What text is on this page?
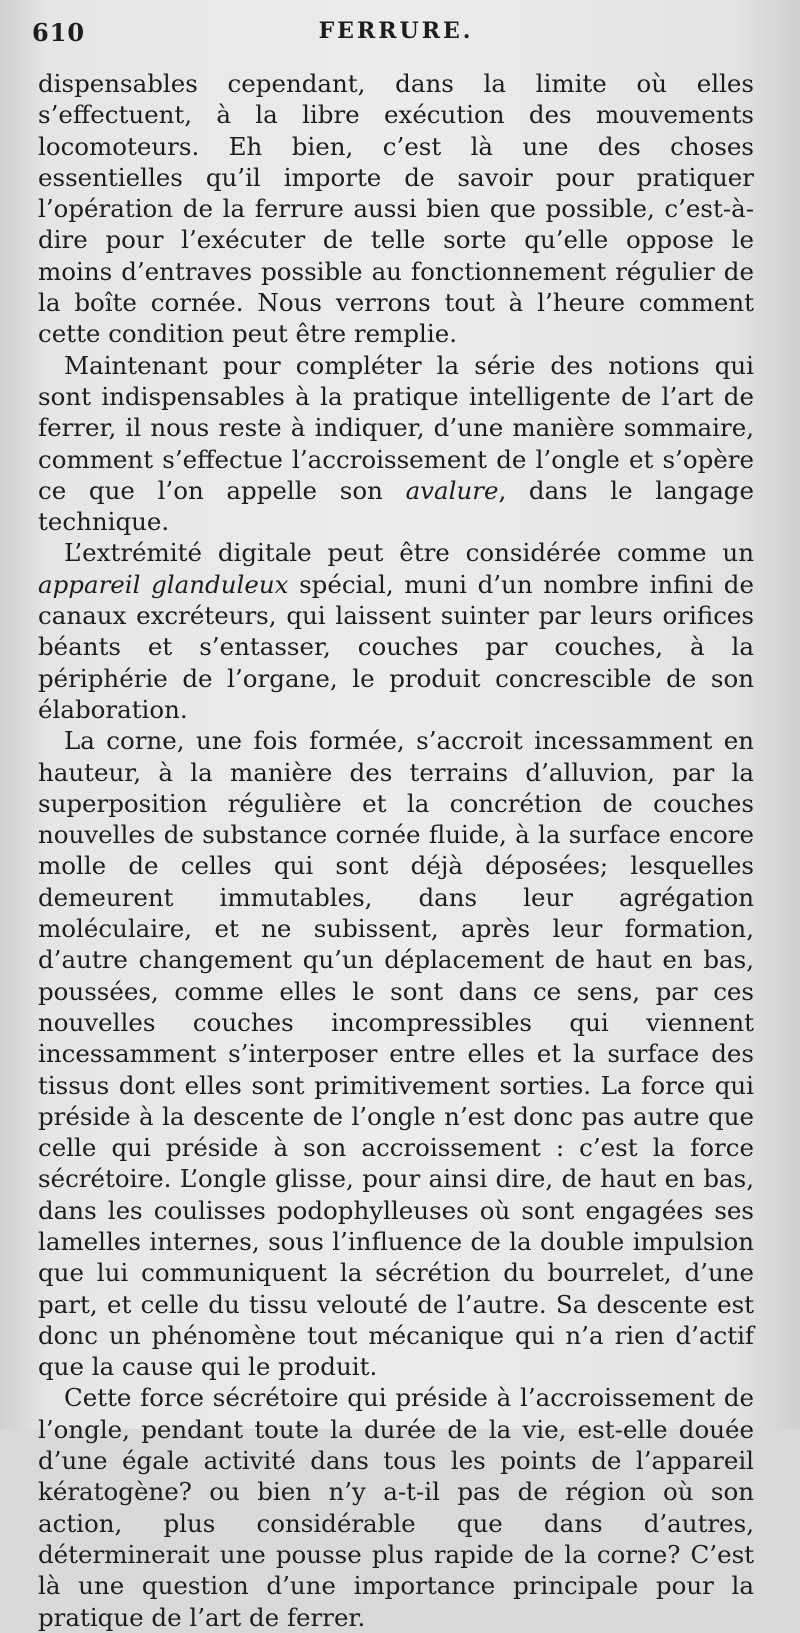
610	FERRURE.

dispensables cependant, dans la limite où elles s’effectuent, à la libre exécution des mouvements locomoteurs. Eh bien, c’est là une des choses essentielles qu’il importe de savoir pour pratiquer l’opération de la ferrure aussi bien que possible, c’est-à-dire pour l’exécuter de telle sorte qu’elle oppose le moins d’entraves possible au fonctionnement régulier de la boîte cornée. Nous verrons tout à l’heure comment cette condition peut être remplie.

Maintenant pour compléter la série des notions qui sont indispensables à la pratique intelligente de l’art de ferrer, il nous reste à indiquer, d’une manière sommaire, comment s’effectue l’accroissement de l’ongle et s’opère ce que l’on appelle son avalure, dans le langage technique.

L’extrémité digitale peut être considérée comme un appareil glanduleux spécial, muni d’un nombre infini de canaux excréteurs, qui laissent suinter par leurs orifices béants et s’entasser, couches par couches, à la périphérie de l’organe, le produit concrescible de son élaboration.

La corne, une fois formée, s’accroit incessamment en hauteur, à la manière des terrains d’alluvion, par la superposition régulière et la concrétion de couches nouvelles de substance cornée fluide, à la surface encore molle de celles qui sont déjà déposées; lesquelles demeurent immutables, dans leur agrégation moléculaire, et ne subissent, après leur formation, d’autre changement qu’un déplacement de haut en bas, poussées, comme elles le sont dans ce sens, par ces nouvelles couches incompressibles qui viennent incessamment s’interposer entre elles et la surface des tissus dont elles sont primitivement sorties. La force qui préside à la descente de l’ongle n’est donc pas autre que celle qui préside à son accroissement : c’est la force sécrétoire. L’ongle glisse, pour ainsi dire, de haut en bas, dans les coulisses podophylleuses où sont engagées ses lamelles internes, sous l’influence de la double impulsion que lui communiquent la sécrétion du bourrelet, d’une part, et celle du tissu velouté de l’autre. Sa descente est donc un phénomène tout mécanique qui n’a rien d’actif que la cause qui le produit.

Cette force sécrétoire qui préside à l’accroissement de l’ongle, pendant toute la durée de la vie, est-elle douée d’une égale activité dans tous les points de l’appareil kératogène? ou bien n’y a-t-il pas de région où son action, plus considérable que dans d’autres, déterminerait une pousse plus rapide de la corne? C’est là une question d’une importance principale pour la pratique de l’art de ferrer.
